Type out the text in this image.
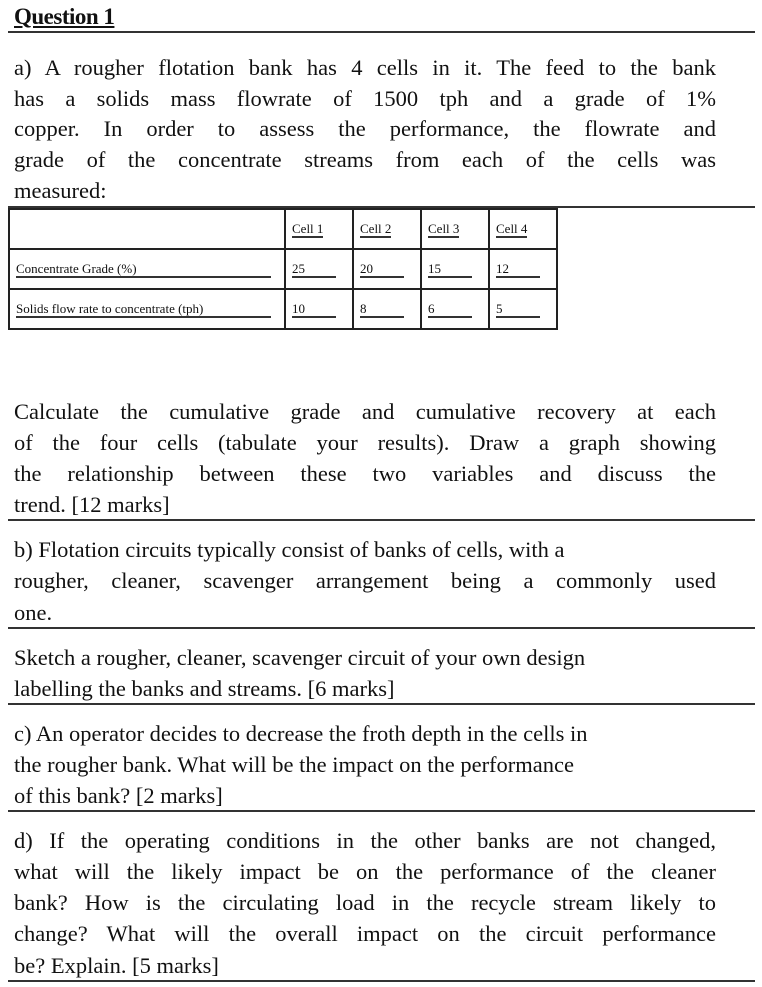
Question 1
a) A rougher flotation bank has 4 cells in it. The feed to the bank
has a solids mass flowrate of 1500 tph and a grade of 1%
copper. In order to assess the performance, the flowrate and
grade of the concentrate streams from each of the cells was
measured:
	Cell 1	Cell 2	Cell 3	Cell 4
Concentrate Grade (%)	25	20	15	12
Solids flow rate to concentrate (tph)	10	8	6	5
Calculate the cumulative grade and cumulative recovery at each
of the four cells (tabulate your results). Draw a graph showing
the relationship between these two variables and discuss the
trend. [12 marks]
b) Flotation circuits typically consist of banks of cells, with a
rougher, cleaner, scavenger arrangement being a commonly used
one.
Sketch a rougher, cleaner, scavenger circuit of your own design
labelling the banks and streams. [6 marks]
c) An operator decides to decrease the froth depth in the cells in
the rougher bank. What will be the impact on the performance
of this bank? [2 marks]
d) If the operating conditions in the other banks are not changed,
what will the likely impact be on the performance of the cleaner
bank? How is the circulating load in the recycle stream likely to
change? What will the overall impact on the circuit performance
be? Explain. [5 marks]
